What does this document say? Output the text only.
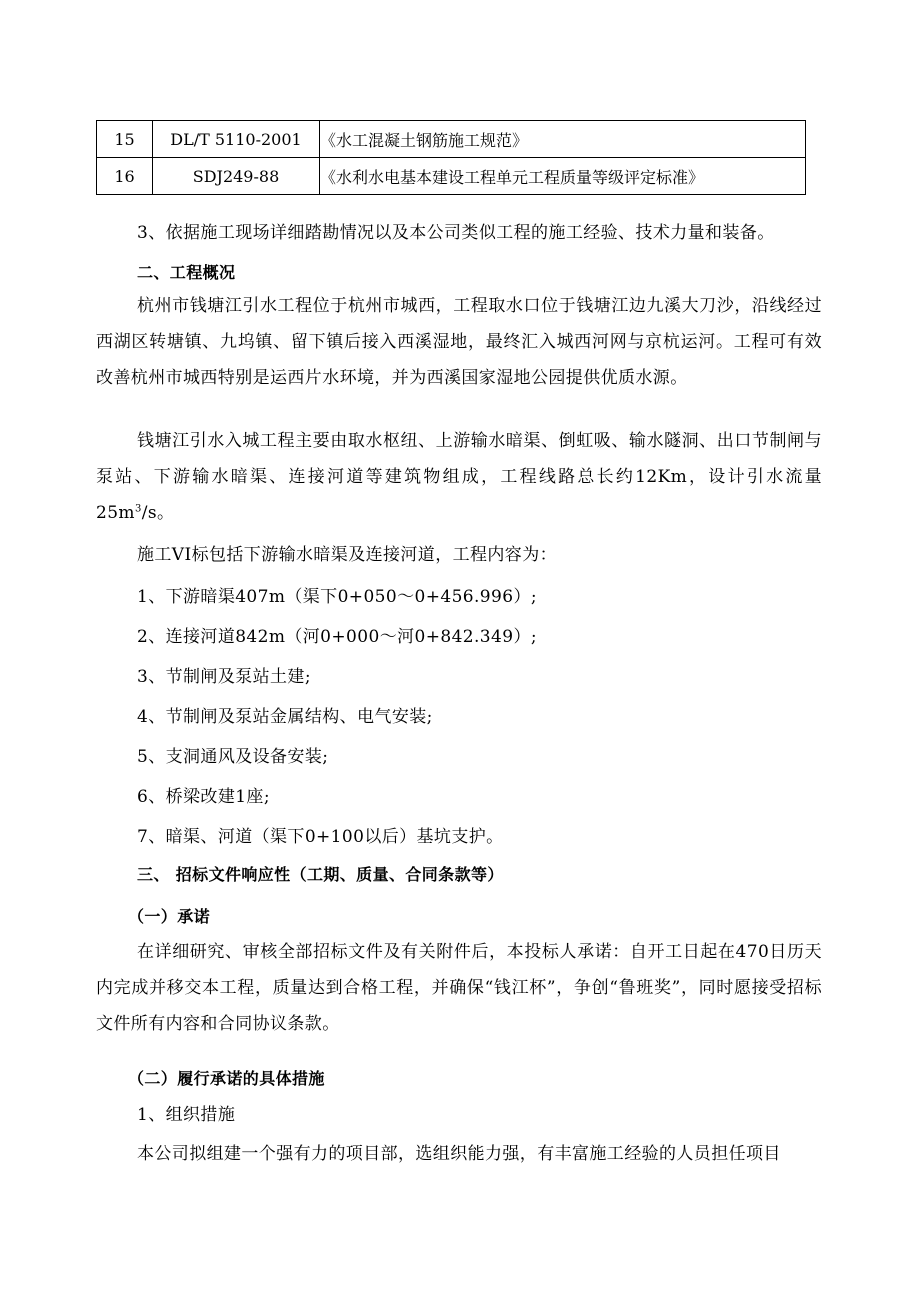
15	DL/T 5110-2001	《水工混凝土钢筋施工规范》
16	SDJ249-88	《水利水电基本建设工程单元工程质量等级评定标准》
3、依据施工现场详细踏勘情况以及本公司类似工程的施工经验、技术力量和装备。
二、工程概况
杭州市钱塘江引水工程位于杭州市城西，工程取水口位于钱塘江边九溪大刀沙，沿线经过西湖区转塘镇、九坞镇、留下镇后接入西溪湿地，最终汇入城西河网与京杭运河。工程可有效改善杭州市城西特别是运西片水环境，并为西溪国家湿地公园提供优质水源。
钱塘江引水入城工程主要由取水枢纽、上游输水暗渠、倒虹吸、输水隧洞、出口节制闸与泵站、下游输水暗渠、连接河道等建筑物组成，工程线路总长约12Km，设计引水流量$25m^3/s$。
施工VI标包括下游输水暗渠及连接河道，工程内容为：
1、下游暗渠407m（渠下0+050～0+456.996）;
2、连接河道842m（河0+000～河0+842.349）;
3、节制闸及泵站土建;
4、节制闸及泵站金属结构、电气安装;
5、支洞通风及设备安装;
6、桥梁改建1座;
7、暗渠、河道（渠下0+100以后）基坑支护。
三、 招标文件响应性（工期、质量、合同条款等）
（一）承诺
在详细研究、审核全部招标文件及有关附件后，本投标人承诺：自开工日起在470日历天内完成并移交本工程，质量达到合格工程，并确保“钱江杯”，争创“鲁班奖”，同时愿接受招标文件所有内容和合同协议条款。
（二）履行承诺的具体措施
1、组织措施
本公司拟组建一个强有力的项目部，选组织能力强，有丰富施工经验的人员担任项目
